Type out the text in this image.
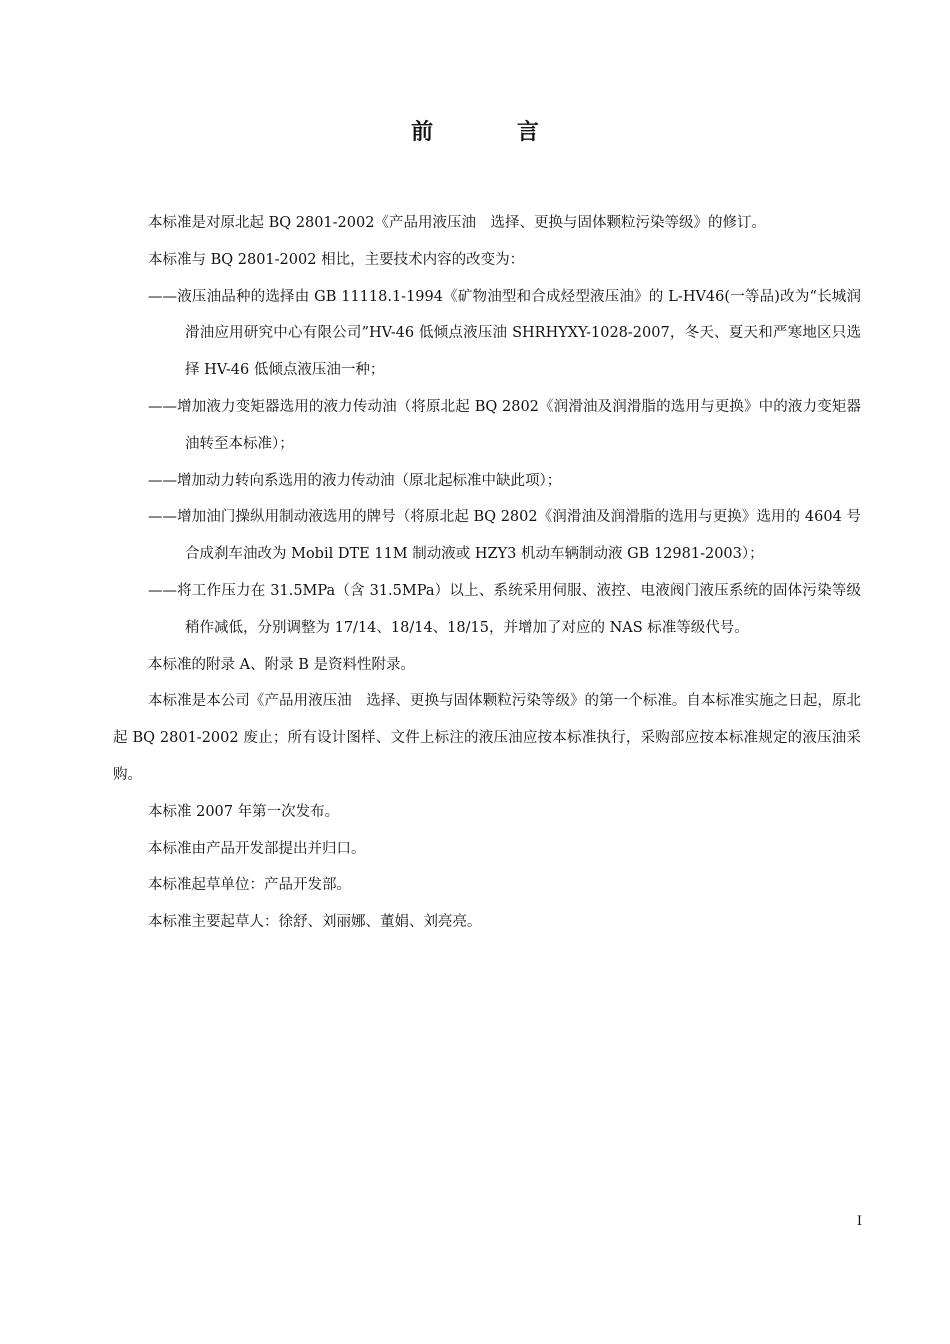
前 言

本标准是对原北起 BQ 2801-2002《产品用液压油　选择、更换与固体颗粒污染等级》的修订。

本标准与 BQ 2801-2002 相比，主要技术内容的改变为：

——液压油品种的选择由 GB 11118.1-1994《矿物油型和合成烃型液压油》的 L-HV46(一等品)改为“长城润滑油应用研究中心有限公司”HV-46 低倾点液压油 SHRHYXY-1028-2007，冬天、夏天和严寒地区只选择 HV-46 低倾点液压油一种；

——增加液力变矩器选用的液力传动油（将原北起 BQ 2802《润滑油及润滑脂的选用与更换》中的液力变矩器油转至本标准）；

——增加动力转向系选用的液力传动油（原北起标准中缺此项）；

——增加油门操纵用制动液选用的牌号（将原北起 BQ 2802《润滑油及润滑脂的选用与更换》选用的 4604 号合成刹车油改为 Mobil DTE 11M 制动液或 HZY3 机动车辆制动液 GB 12981-2003）；

——将工作压力在 31.5MPa（含 31.5MPa）以上、系统采用伺服、液控、电液阀门液压系统的固体污染等级稍作减低，分别调整为 17/14、18/14、18/15，并增加了对应的 NAS 标准等级代号。

本标准的附录 A、附录 B 是资料性附录。

本标准是本公司《产品用液压油　选择、更换与固体颗粒污染等级》的第一个标准。自本标准实施之日起，原北起 BQ 2801-2002 废止；所有设计图样、文件上标注的液压油应按本标准执行，采购部应按本标准规定的液压油采购。

本标准 2007 年第一次发布。

本标准由产品开发部提出并归口。

本标准起草单位：产品开发部。

本标准主要起草人：徐舒、刘丽娜、董娟、刘亮亮。

I
